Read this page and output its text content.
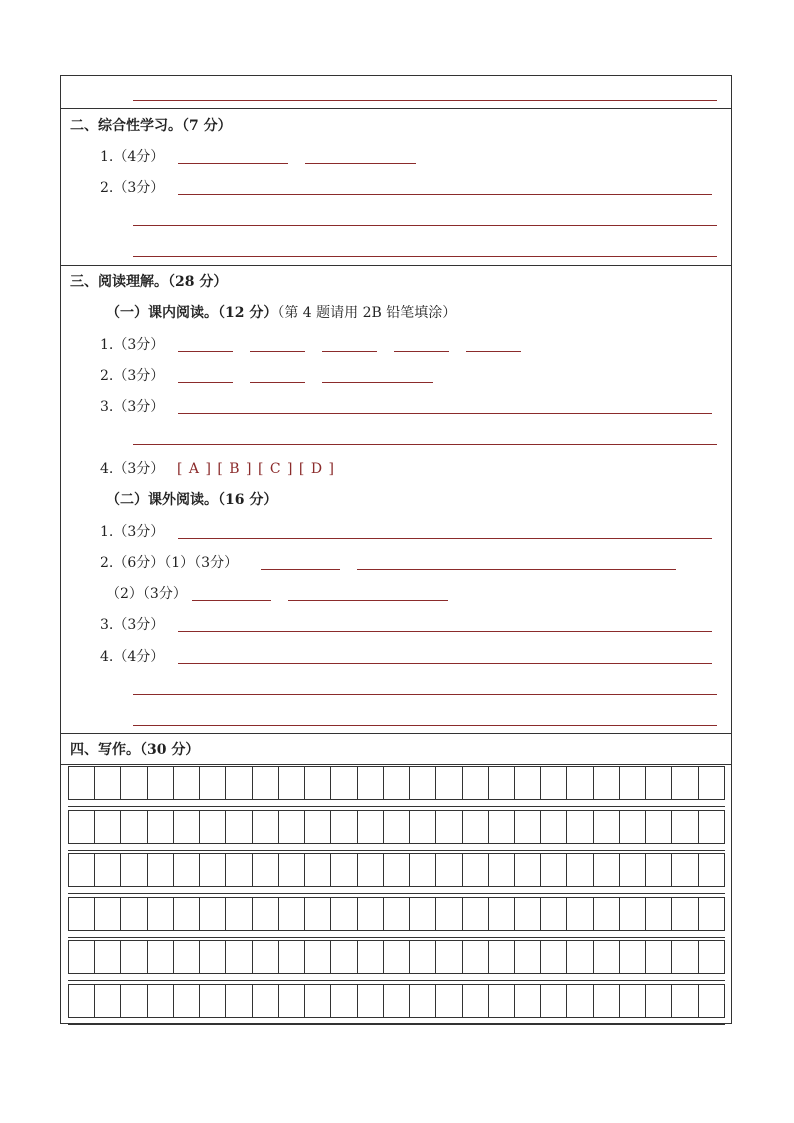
二、综合性学习。（7 分）
1.（4分）
2.（3分）
三、阅读理解。（28 分）
（一）课内阅读。（12 分）（第 4 题请用 2B 铅笔填涂）
1.（3分）
2.（3分）
3.（3分）
4.（3分） [ A ] [ B ] [ C ] [ D ]
（二）课外阅读。（16 分）
1.（3分）
2.（6分）（1）（3分）
（2）（3分）
3.（3分）
4.（4分）
四、写作。（30 分）
